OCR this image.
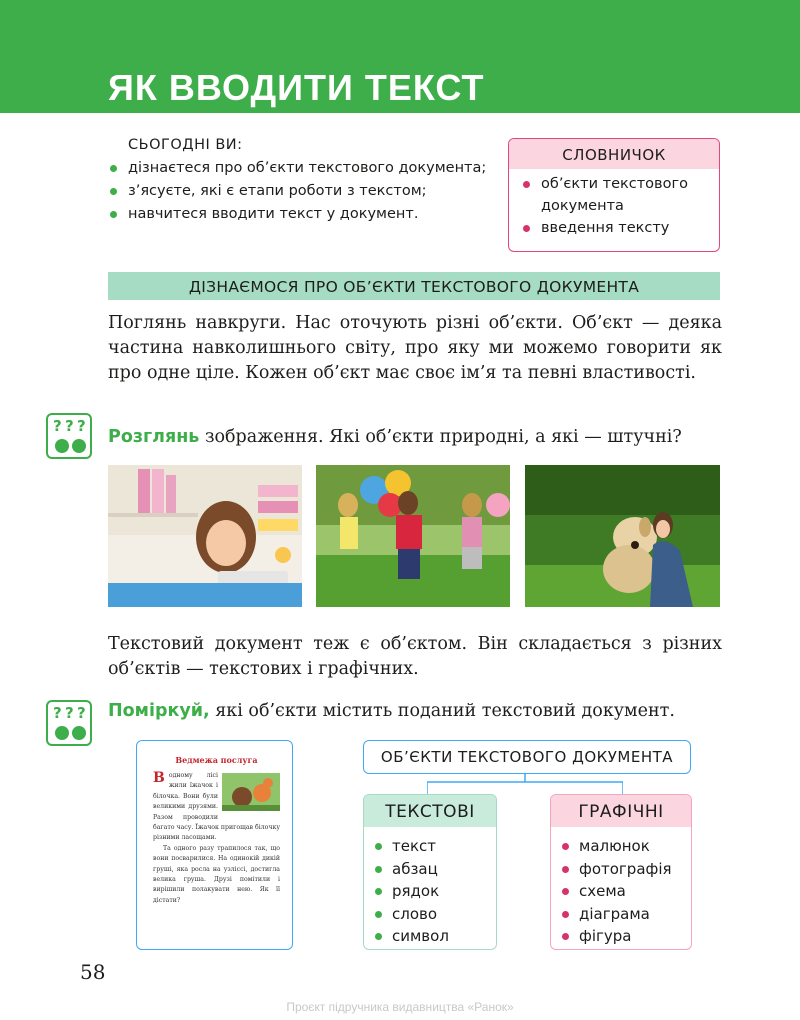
ЯК ВВОДИТИ ТЕКСТ
СЬОГОДНІ ВИ:
дізнаєтеся про об’єкти текстового документа;
з’ясуєте, які є етапи роботи з текстом;
навчитеся вводити текст у документ.
СЛОВНИЧОК
об’єкти текстового документа
введення тексту
ДІЗНАЄМОСЯ ПРО ОБ’ЄКТИ ТЕКСТОВОГО ДОКУМЕНТА

Поглянь навкруги. Нас оточують різні об’єкти. Об’єкт — деяка частина навколишнього світу, про яку ми можемо говорити як про одне ціле. Кожен об’єкт має своє ім’я та певні властивості.

? ? ?
Розглянь зображення. Які об’єкти природні, а які — штучні?

Текстовий документ теж є об’єктом. Він складається з різних об’єктів — текстових і графічних.

? ? ? Поміркуй, які об’єкти містить поданий текстовий документ.
Ведмежа послуга
В одному лісі жили їжачок і білочка. Вони були великими друзями. Разом проводили багато часу. Їжачок пригощав білочку різними ласощами.
Та одного разу трапилося так, що вони посварилися. На одинокій дикій груші, яка росла на узліссі, достигла велика груша. Друзі помітили і вирішили полакувати нею. Як її дістати?
ОБ’ЄКТИ ТЕКСТОВОГО ДОКУМЕНТА
ТЕКСТОВІ
текст
абзац
рядок
слово
символ
ГРАФІЧНІ
малюнок
фотографія
схема
діаграма
фігура
58
Проєкт підручника видавництва «Ранок»
